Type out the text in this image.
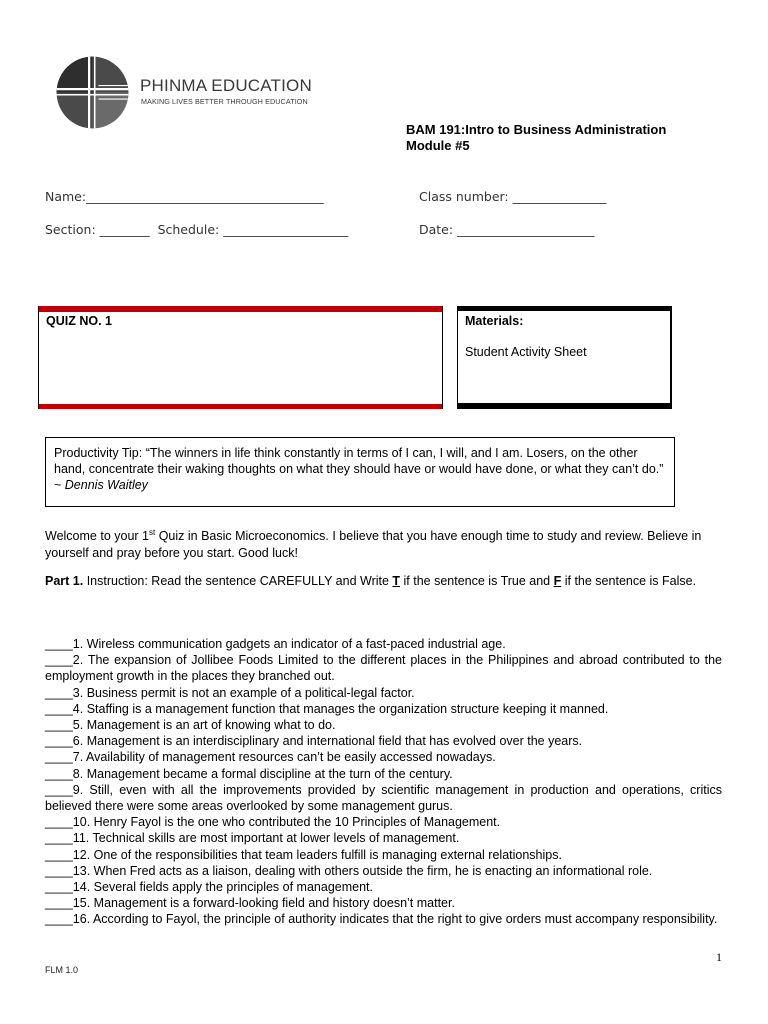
PHINMA EDUCATION
MAKING LIVES BETTER THROUGH EDUCATION
BAM 191:Intro to Business Administration
Module #5
Name:______________________________________	Class number: _______________
Section: ________  Schedule: ____________________	Date: ______________________
QUIZ NO. 1	Materials:
Student Activity Sheet
Productivity Tip: “The winners in life think constantly in terms of I can, I will, and I am. Losers, on the other hand, concentrate their waking thoughts on what they should have or would have done, or what they can’t do.” ~ Dennis Waitley
Welcome to your 1st Quiz in Basic Microeconomics. I believe that you have enough time to study and review. Believe in yourself and pray before you start. Good luck!
Part 1. Instruction: Read the sentence CAREFULLY and Write T if the sentence is True and F if the sentence is False.
____1. Wireless communication gadgets an indicator of a fast-paced industrial age.
____2. The expansion of Jollibee Foods Limited to the different places in the Philippines and abroad contributed to the employment growth in the places they branched out.
____3. Business permit is not an example of a political-legal factor.
____4. Staffing is a management function that manages the organization structure keeping it manned.
____5. Management is an art of knowing what to do.
____6. Management is an interdisciplinary and international field that has evolved over the years.
____7. Availability of management resources can’t be easily accessed nowadays.
____8. Management became a formal discipline at the turn of the century.
____9. Still, even with all the improvements provided by scientific management in production and operations, critics believed there were some areas overlooked by some management gurus.
____10. Henry Fayol is the one who contributed the 10 Principles of Management.
____11. Technical skills are most important at lower levels of management.
____12. One of the responsibilities that team leaders fulfill is managing external relationships.
____13. When Fred acts as a liaison, dealing with others outside the firm, he is enacting an informational role.
____14. Several fields apply the principles of management.
____15. Management is a forward-looking field and history doesn’t matter.
____16. According to Fayol, the principle of authority indicates that the right to give orders must accompany responsibility.
1
FLM 1.0
